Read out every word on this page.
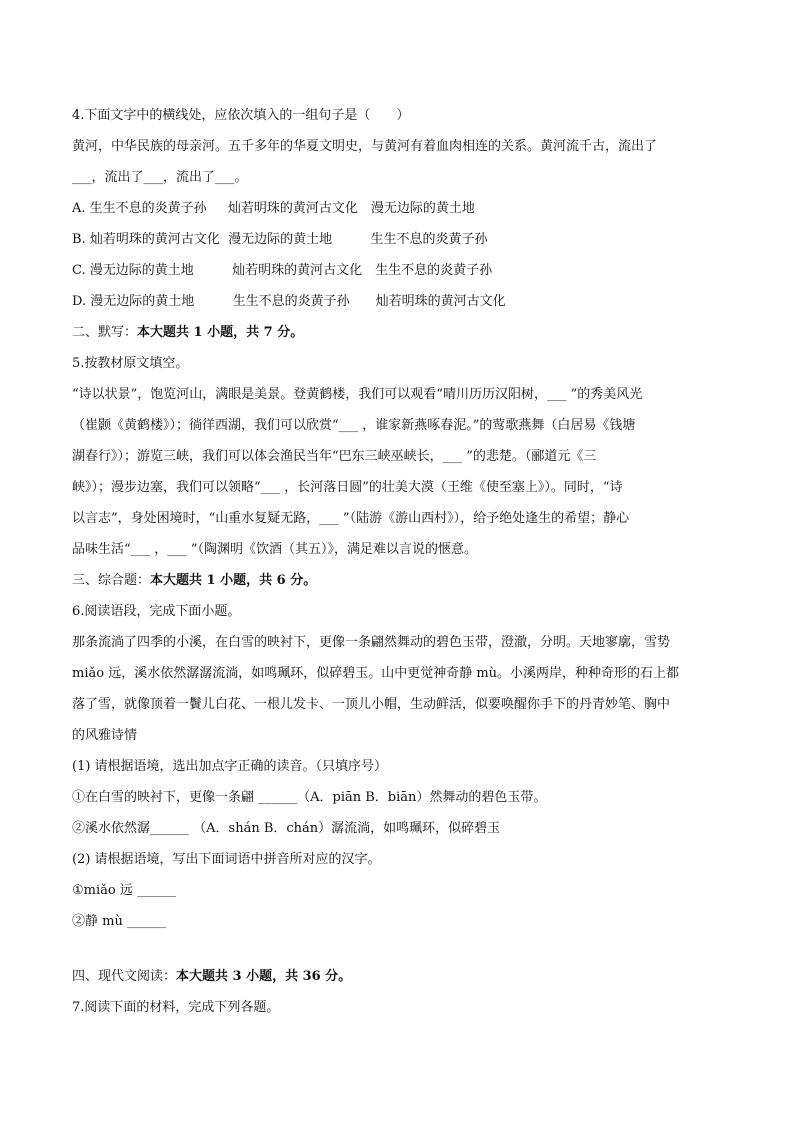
4.下面文字中的横线处，应依次填入的一组句子是（　　）
黄河，中华民族的母亲河。五千多年的华夏文明史，与黄河有着血肉相连的关系。黄河流千古，流出了
___，流出了___，流出了___。
A. 生生不息的炎黄子孙　  灿若明珠的黄河古文化　漫无边际的黄土地
B. 灿若明珠的黄河古文化  漫无边际的黄土地　　   生生不息的炎黄子孙
C. 漫无边际的黄土地　　   灿若明珠的黄河古文化　生生不息的炎黄子孙
D. 漫无边际的黄土地　　   生生不息的炎黄子孙　　灿若明珠的黄河古文化
二、默写：本大题共 1 小题，共 7 分。
5.按教材原文填空。
“诗以状景”，饱览河山，满眼是美景。登黄鹤楼，我们可以观看“晴川历历汉阳树，___ ”的秀美风光
（崔颢《黄鹤楼》）；徜徉西湖，我们可以欣赏“___ ，谁家新燕啄春泥。”的莺歌燕舞（白居易《钱塘
湖春行》）；游览三峡，我们可以体会渔民当年“巴东三峡巫峡长，___ ”的悲楚。（郦道元《三
峡》）；漫步边塞，我们可以领略“___ ，长河落日圆”的壮美大漠（王维《使至塞上》）。同时，“诗
以言志”，身处困境时，“山重水复疑无路，___ ”（陆游《游山西村》），给予绝处逢生的希望；静心
品味生活“___ ，___ ”（陶渊明《饮酒（其五）》，满足难以言说的惬意。
三、综合题：本大题共 1 小题，共 6 分。
6.阅读语段，完成下面小题。
那条流淌了四季的小溪，在白雪的映衬下，更像一条翩然舞动的碧色玉带，澄澈，分明。天地寥廓，雪势
miǎo 远，溪水依然潺潺流淌，如鸣珮环，似碎碧玉。山中更觉神奇静 mù。小溪两岸，种种奇形的石上都
落了雪，就像顶着一鬢儿白花、一根儿发卡、一顶儿小帽，生动鲜活，似要唤醒你手下的丹青妙笔、胸中
的风雅诗情
(1) 请根据语境，选出加点字正确的读音。（只填序号）
①在白雪的映衬下，更像一条翩 ______（A．piān B．biān）然舞动的碧色玉带。
②溪水依然潺______ （A．shán B．chán）潺流淌，如鸣珮环，似碎碧玉
(2) 请根据语境，写出下面词语中拼音所对应的汉字。
①miǎo 远 ______
②静 mù ______
四、现代文阅读：本大题共 3 小题，共 36 分。
7.阅读下面的材料，完成下列各题。
